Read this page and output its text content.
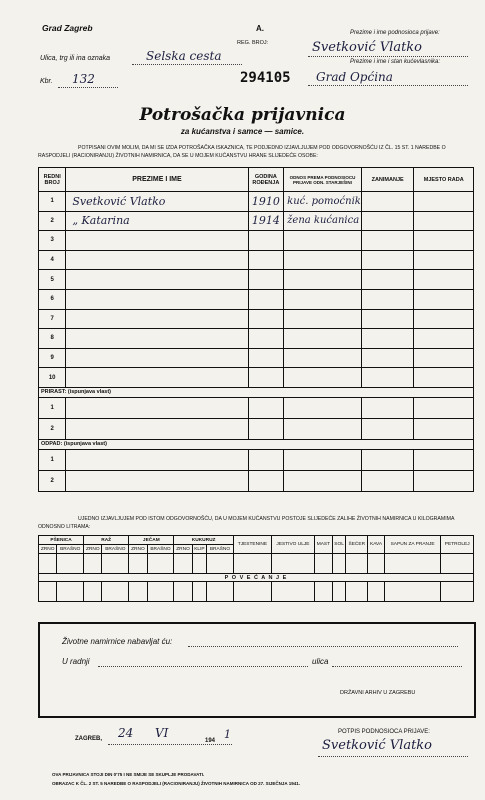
Grad Zagreb	A.
REG. BROJ:
Ulica, trg ili ina oznaka	Selska cesta
Kbr. 132	294105
Prezime i ime podnosioca prijave:
Svetković Vlatko
Prezime i ime i stan kućevlasnika:
Grad Općina
Potrošačka prijavnica
za kućanstva i samce — samice.
POTPISANI OVIM MOLIM, DA MI SE IZDA POTROŠAČKA ISKAZNICA, TE PODJEDNO IZJAVLJUJEM POD ODGOVORNOŠĆU IZ ČL. 15 ST. 1 NAREDBE O RASPODJELI (RACIONIRANJU) ŽIVOTNIH NAMIRNICA, DA SE U MOJEM KUĆANSTVU HRANE SLIJEDEĆE OSOBE:
REDNI BROJ	PREZIME I IME	GODINA ROĐENJA	ODNOS PREMA PODNOSIOCU PRIJAVE ODN. STARJEŠINI	ZANIMANJE	MJESTO RADA
1	Svetković Vlatko	1910	kuć. pomoćnik		
2	„ Katarina	1914	žena kućanica		
3					
4					
5					
6					
7					
8					
9					
10					
PRIRAST: (ispunjava vlast)					
1					
2					
ODPAD: (ispunjava vlast)					
1					
2					
UJEDNO IZJAVLJUJEM POD ISTOM ODGOVORNOŠĆU, DA U MOJEM KUĆANSTVU POSTOJE SLIJEDEĆE ZALIHE ŽIVOTNIH NAMIRNICA U KILOGRAMIMA ODNOSNO LITRAMA:
PŠENICA		RAŽ		JEČAM		KUKURUZ			TJESTENINE	JESTIVO ULJE	MAST	SOL	ŠEĆER	KAVA	SAPUN ZA PRANJE	PETROLEJ
ZRNO	BRAŠNO	ZRNO	BRAŠNO	ZRNO	BRAŠNO	ZRNO	KLIP	BRAŠNO								

P O V E Ć A N J E																

Životne namirnice nabavljat ću:
U radnji	ulica
DRŽAVNI ARHIV U ZAGREBU
ZAGREB, 24 VI
194 1	POTPIS PODNOSIOCA PRIJAVE:
Svetković Vlatko
OVA PRIJAVNICA STOJI DIN 0'75 I NE SMIJE SE SKUPLJE PRODAVATI.
OBRAZAC K ČL. 2 ST. 5 NAREDBE O RASPODJELI (RACIONIRANJU) ŽIVOTNIH NAMIRNICA OD 27. SIJEČNJA 1941.
